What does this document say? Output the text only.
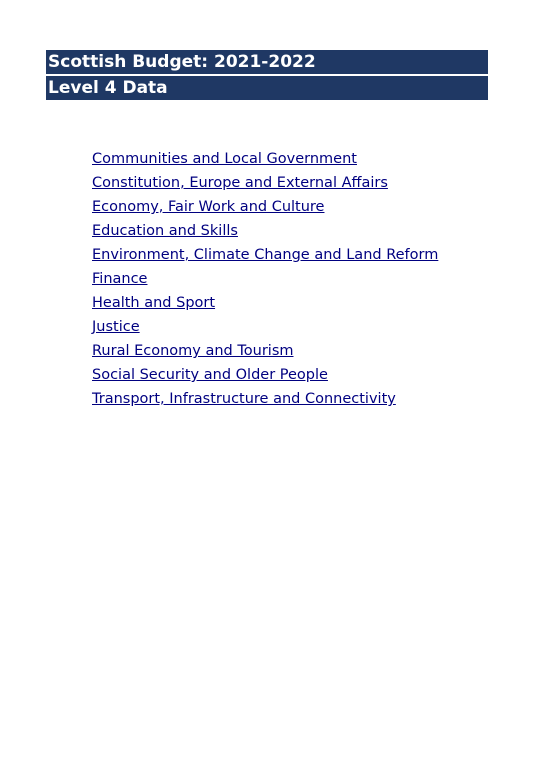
Scottish Budget: 2021-2022
Level 4 Data
Communities and Local Government
Constitution, Europe and External Affairs
Economy, Fair Work and Culture
Education and Skills
Environment, Climate Change and Land Reform
Finance
Health and Sport
Justice
Rural Economy and Tourism
Social Security and Older People
Transport, Infrastructure and Connectivity
